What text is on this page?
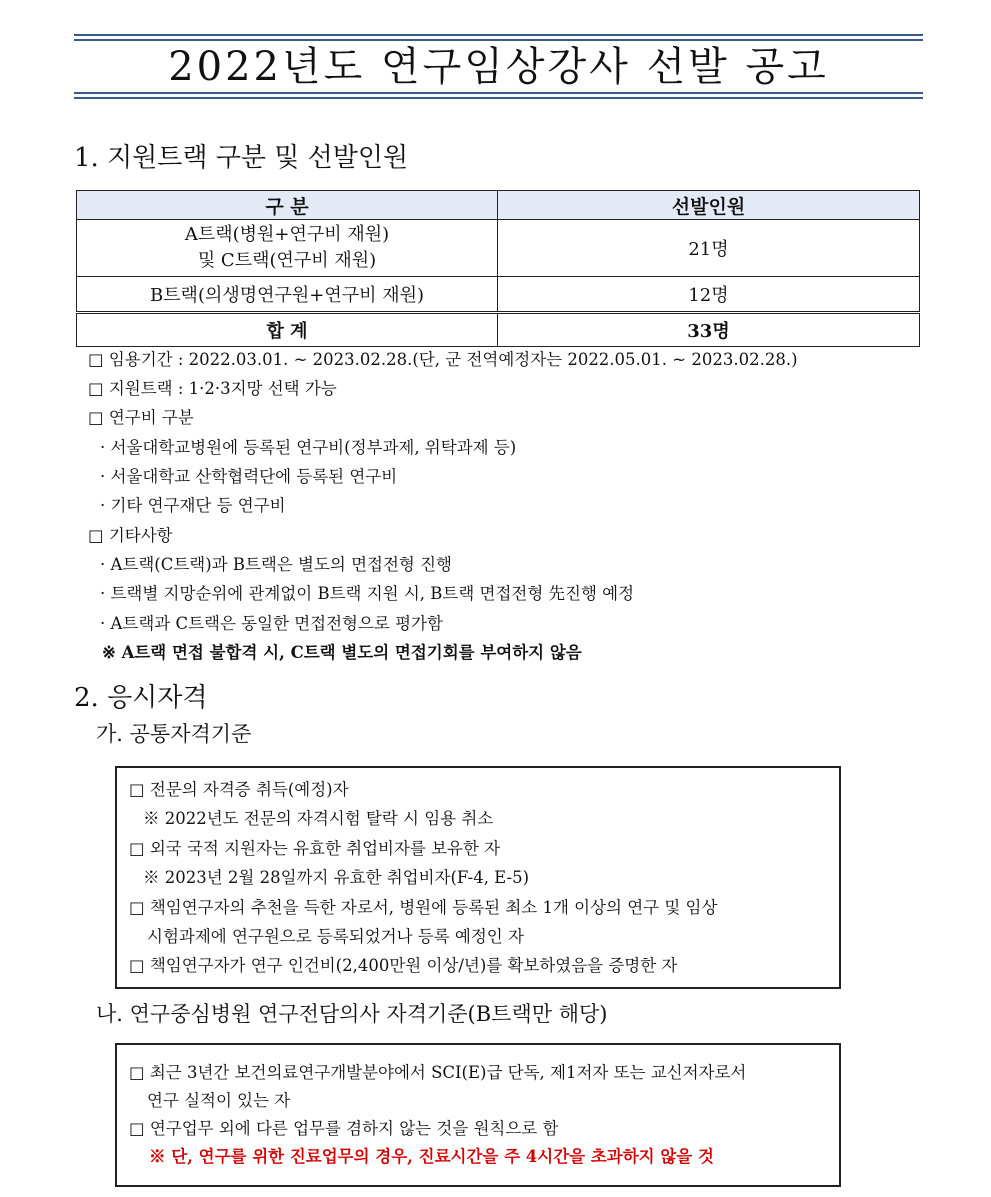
2022년도 연구임상강사 선발 공고
1. 지원트랙 구분 및 선발인원
구 분	선발인원
A트랙(병원+연구비 재원)
및 C트랙(연구비 재원)	21명
B트랙(의생명연구원+연구비 재원)	12명
합 계	33명
□ 임용기간 : 2022.03.01. ~ 2023.02.28.(단, 군 전역예정자는 2022.05.01. ~ 2023.02.28.)
□ 지원트랙 : 1·2·3지망 선택 가능
□ 연구비 구분
· 서울대학교병원에 등록된 연구비(정부과제, 위탁과제 등)
· 서울대학교 산학협력단에 등록된 연구비
· 기타 연구재단 등 연구비
□ 기타사항
· A트랙(C트랙)과 B트랙은 별도의 면접전형 진행
· 트랙별 지망순위에 관계없이 B트랙 지원 시, B트랙 면접전형 先진행 예정
· A트랙과 C트랙은 동일한 면접전형으로 평가함
※ A트랙 면접 불합격 시, C트랙 별도의 면접기회를 부여하지 않음
2. 응시자격
가. 공통자격기준
□ 전문의 자격증 취득(예정)자
※ 2022년도 전문의 자격시험 탈락 시 임용 취소
□ 외국 국적 지원자는 유효한 취업비자를 보유한 자
※ 2023년 2월 28일까지 유효한 취업비자(F-4, E-5)
□ 책임연구자의 추천을 득한 자로서, 병원에 등록된 최소 1개 이상의 연구 및 임상
시험과제에 연구원으로 등록되었거나 등록 예정인 자
□ 책임연구자가 연구 인건비(2,400만원 이상/년)를 확보하였음을 증명한 자
나. 연구중심병원 연구전담의사 자격기준(B트랙만 해당)
□ 최근 3년간 보건의료연구개발분야에서 SCI(E)급 단독, 제1저자 또는 교신저자로서
연구 실적이 있는 자
□ 연구업무 외에 다른 업무를 겸하지 않는 것을 원칙으로 함
※ 단, 연구를 위한 진료업무의 경우, 진료시간을 주 4시간을 초과하지 않을 것
